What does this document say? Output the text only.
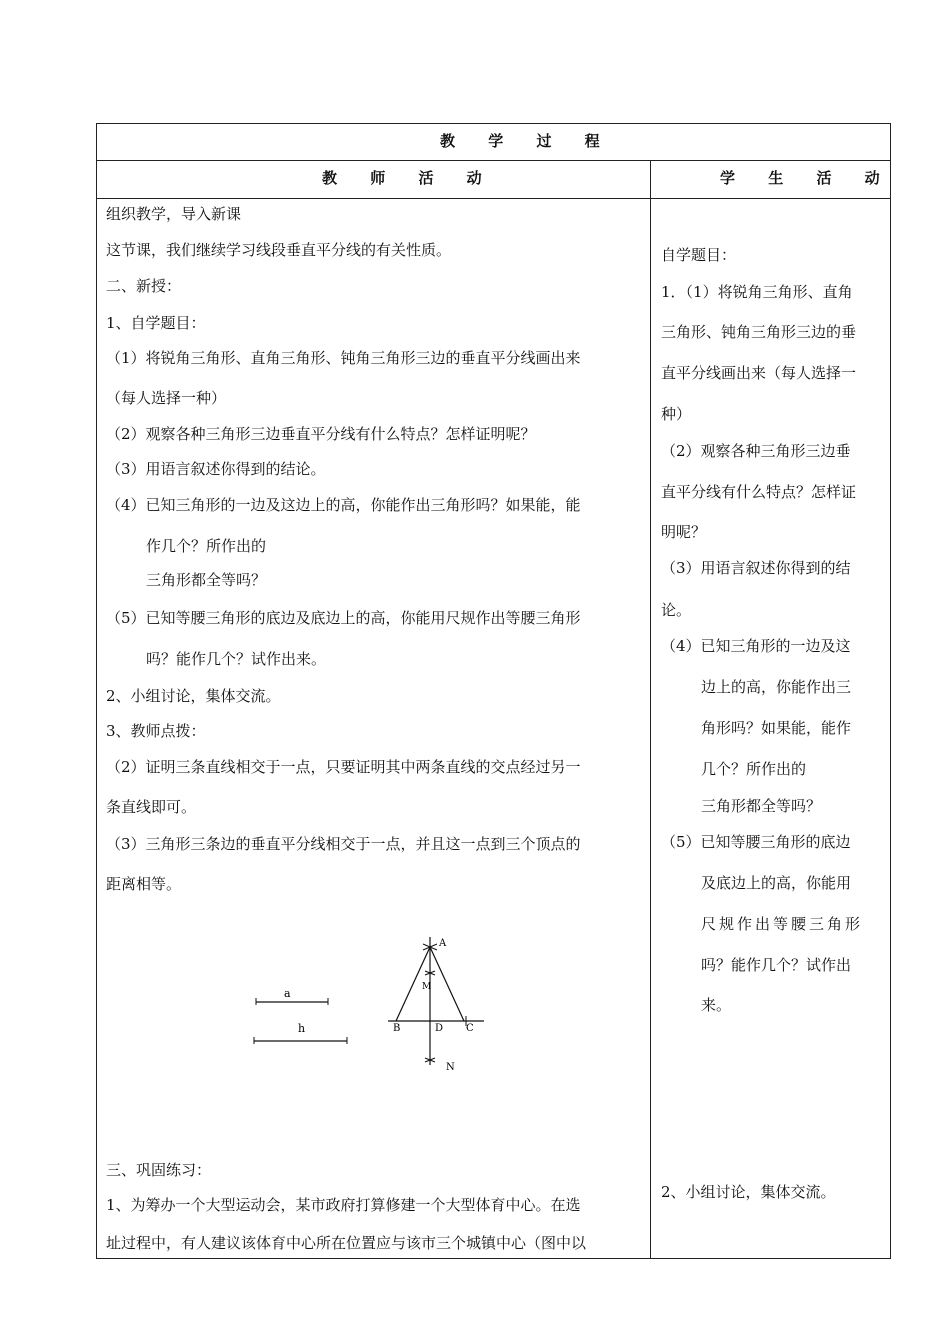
教 学 过 程
教 师 活 动	学 生 活 动
组织教学，导入新课
这节课，我们继续学习线段垂直平分线的有关性质。
二、新授：
1、自学题目：
（1）将锐角三角形、直角三角形、钝角三角形三边的垂直平分线画出来
（每人选择一种）
（2）观察各种三角形三边垂直平分线有什么特点？怎样证明呢？
（3）用语言叙述你得到的结论。
（4）已知三角形的一边及这边上的高，你能作出三角形吗？如果能，能
作几个？所作出的
三角形都全等吗？
（5）已知等腰三角形的底边及底边上的高，你能用尺规作出等腰三角形
吗？能作几个？试作出来。
2、小组讨论，集体交流。
3、教师点拨：
（2）证明三条直线相交于一点，只要证明其中两条直线的交点经过另一
条直线即可。
（3）三角形三条边的垂直平分线相交于一点，并且这一点到三个顶点的
距离相等。
三、巩固练习：
1、为筹办一个大型运动会，某市政府打算修建一个大型体育中心。在选
址过程中，有人建议该体育中心所在位置应与该市三个城镇中心（图中以
a
h
A
M
B	D C
N
自学题目：
1．（1）将锐角三角形、直角
三角形、钝角三角形三边的垂
直平分线画出来（每人选择一
种）
（2）观察各种三角形三边垂
直平分线有什么特点？怎样证
明呢？
（3）用语言叙述你得到的结
论。
（4）已知三角形的一边及这
边上的高，你能作出三
角形吗？如果能，能作
几个？所作出的
三角形都全等吗？
（5）已知等腰三角形的底边
及底边上的高，你能用
尺规作出等腰三角形
吗？能作几个？试作出
来。
2、小组讨论，集体交流。
